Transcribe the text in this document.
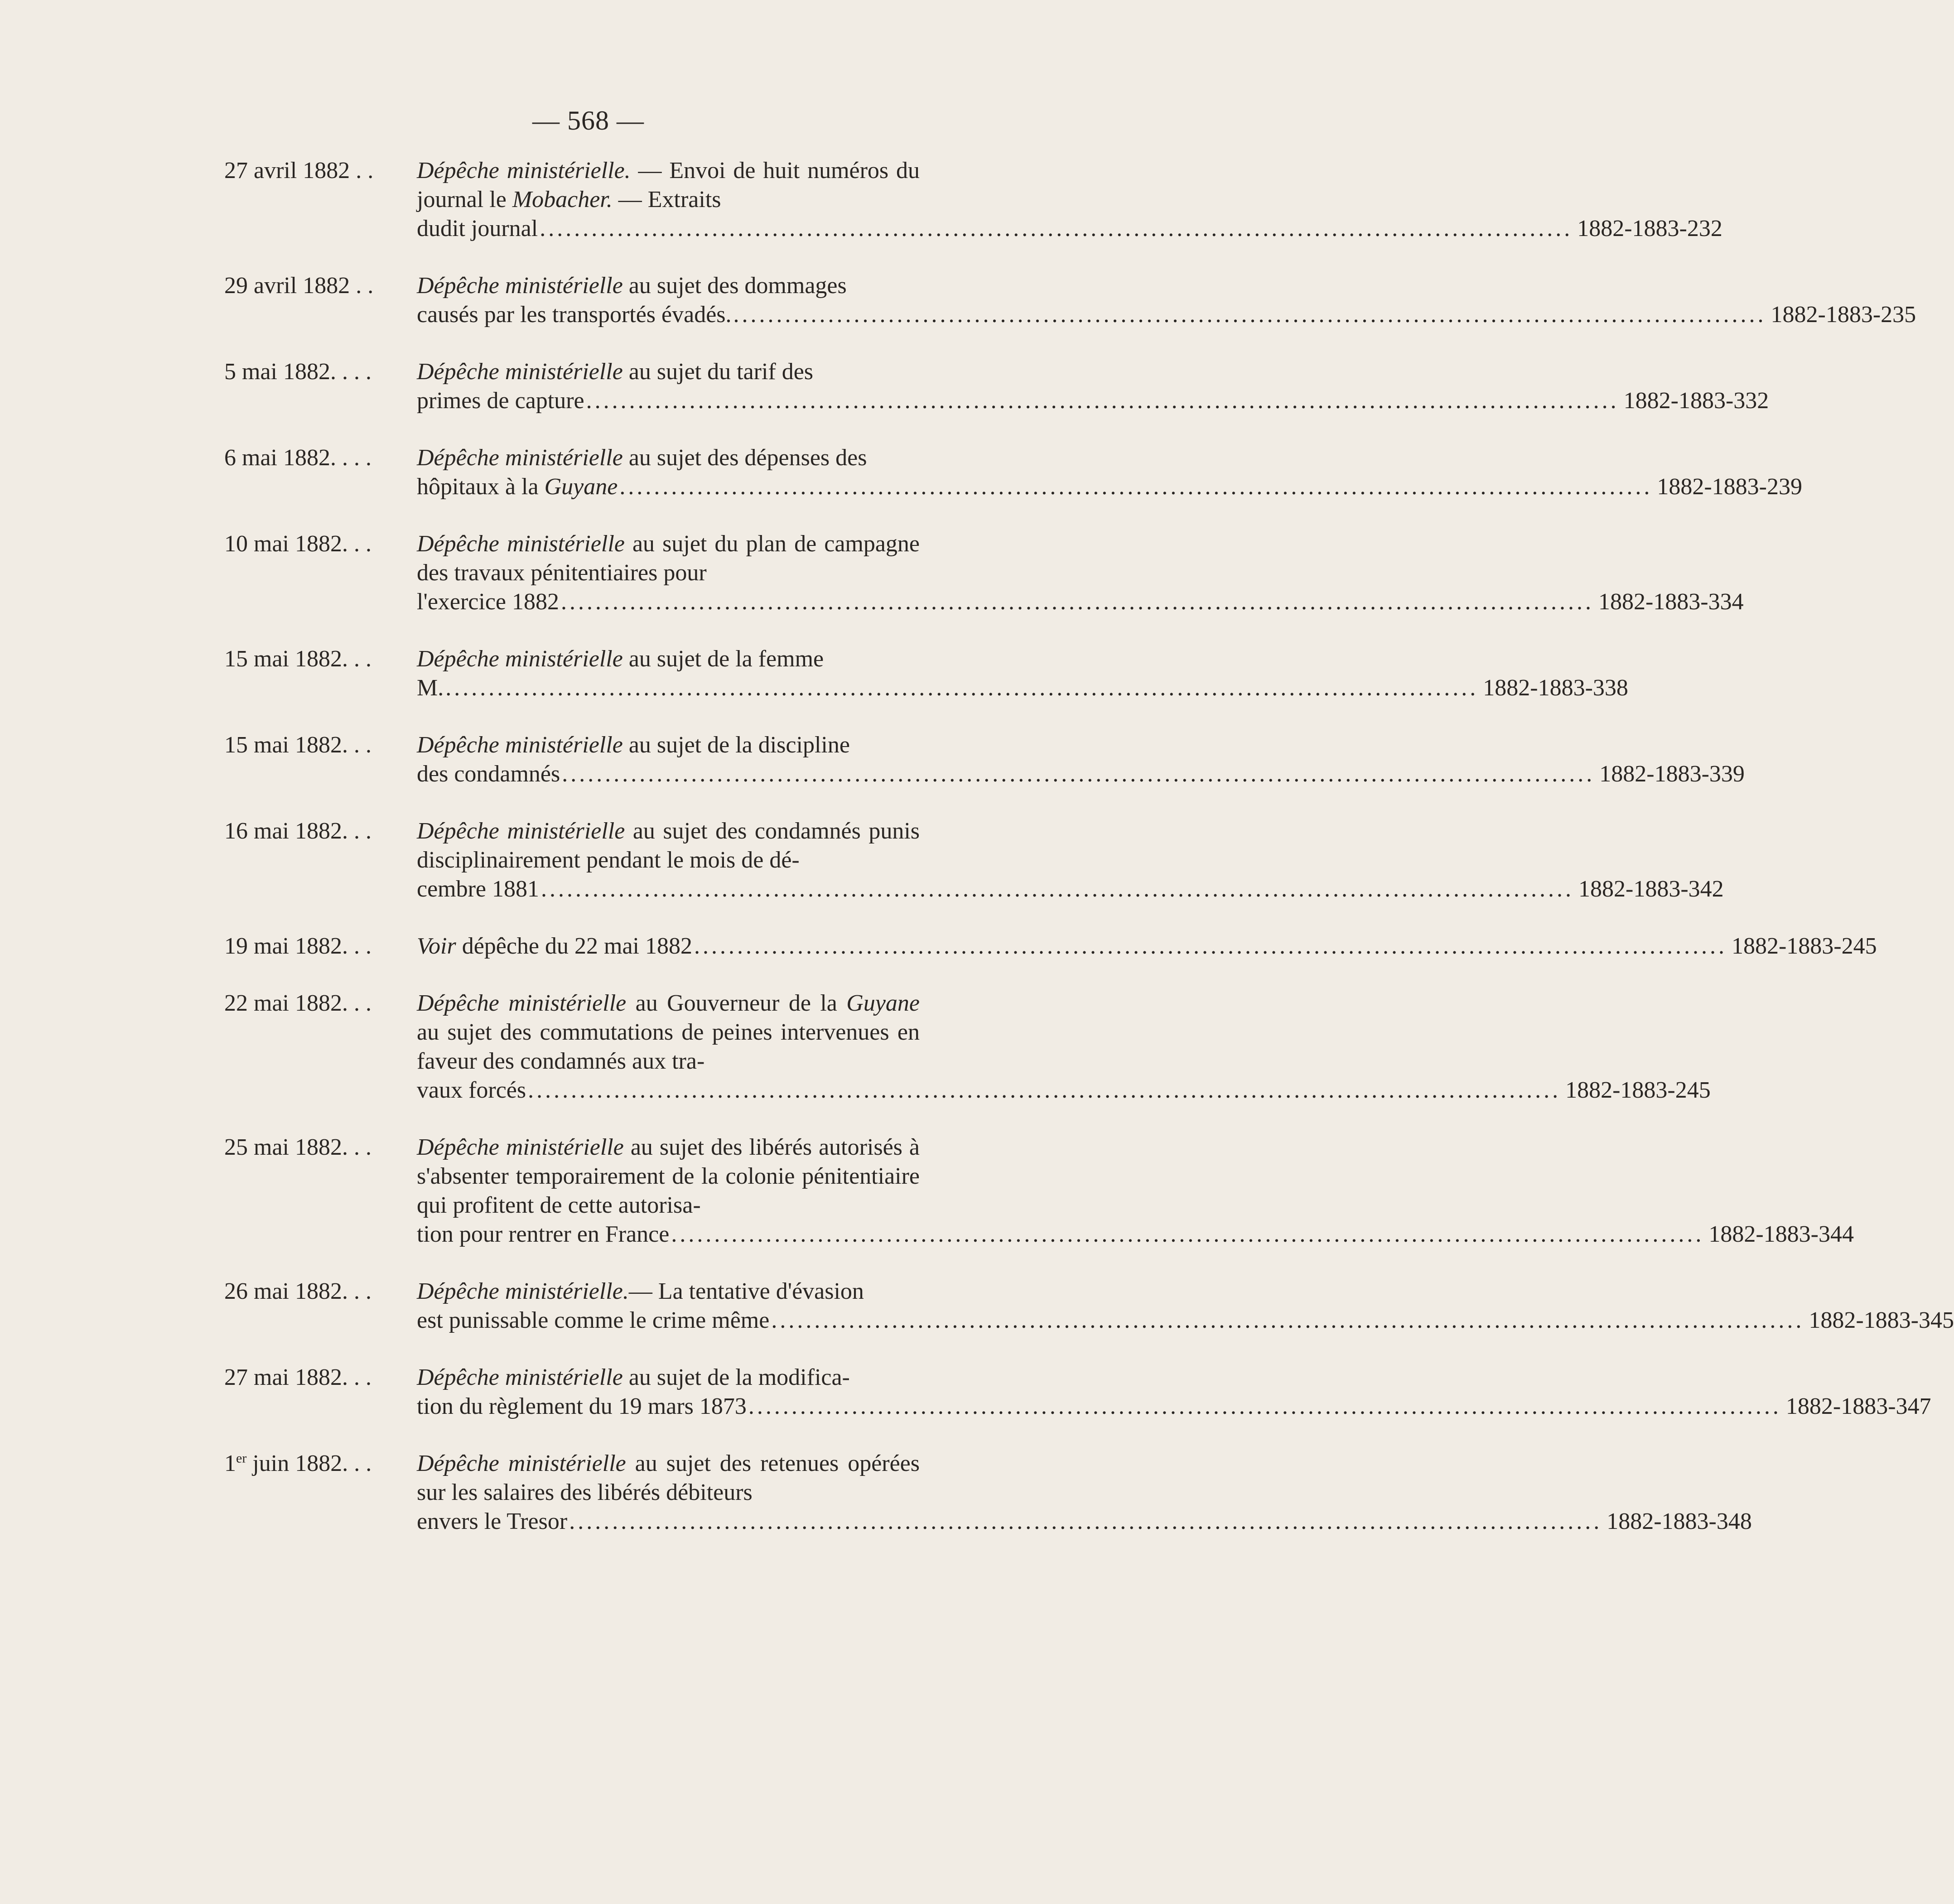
— 568 —
27 avril 1882 . .	Dépêche ministérielle. — Envoi de huit numéros du journal le Mobacher. — Extraits
dudit journal ........................................................................................................................ 1882-1883-232
29 avril 1882 . .	Dépêche ministérielle au sujet des dommages
causés par les transportés évadés. ........................................................................................................................ 1882-1883-235
5 mai 1882. . . .	Dépêche ministérielle au sujet du tarif des
primes de capture ........................................................................................................................ 1882-1883-332
6 mai 1882. . . .	Dépêche ministérielle au sujet des dépenses des
hôpitaux à la Guyane ........................................................................................................................ 1882-1883-239
10 mai 1882. . .	Dépêche ministérielle au sujet du plan de campagne des travaux pénitentiaires pour
l'exercice 1882 ........................................................................................................................ 1882-1883-334
15 mai 1882. . .	Dépêche ministérielle au sujet de la femme
M. ........................................................................................................................ 1882-1883-338
15 mai 1882. . .	Dépêche ministérielle au sujet de la discipline
des condamnés ........................................................................................................................ 1882-1883-339
16 mai 1882. . .	Dépêche ministérielle au sujet des condamnés punis disciplinairement pendant le mois de dé-
cembre 1881 ........................................................................................................................ 1882-1883-342
19 mai 1882. . .	Voir dépêche du 22 mai 1882 ........................................................................................................................ 1882-1883-245
22 mai 1882. . .	Dépêche ministérielle au Gouverneur de la Guyane au sujet des commutations de peines intervenues en faveur des condamnés aux tra-
vaux forcés ........................................................................................................................ 1882-1883-245
25 mai 1882. . .	Dépêche ministérielle au sujet des libérés autorisés à s'absenter temporairement de la colonie pénitentiaire qui profitent de cette autorisa-
tion pour rentrer en France ........................................................................................................................ 1882-1883-344
26 mai 1882. . .	Dépêche ministérielle.— La tentative d'évasion
est punissable comme le crime même ........................................................................................................................ 1882-1883-345
27 mai 1882. . .	Dépêche ministérielle au sujet de la modifica-
tion du règlement du 19 mars 1873 ........................................................................................................................ 1882-1883-347
1er juin 1882. . .	Dépêche ministérielle au sujet des retenues opérées sur les salaires des libérés débiteurs
envers le Tresor ........................................................................................................................ 1882-1883-348
